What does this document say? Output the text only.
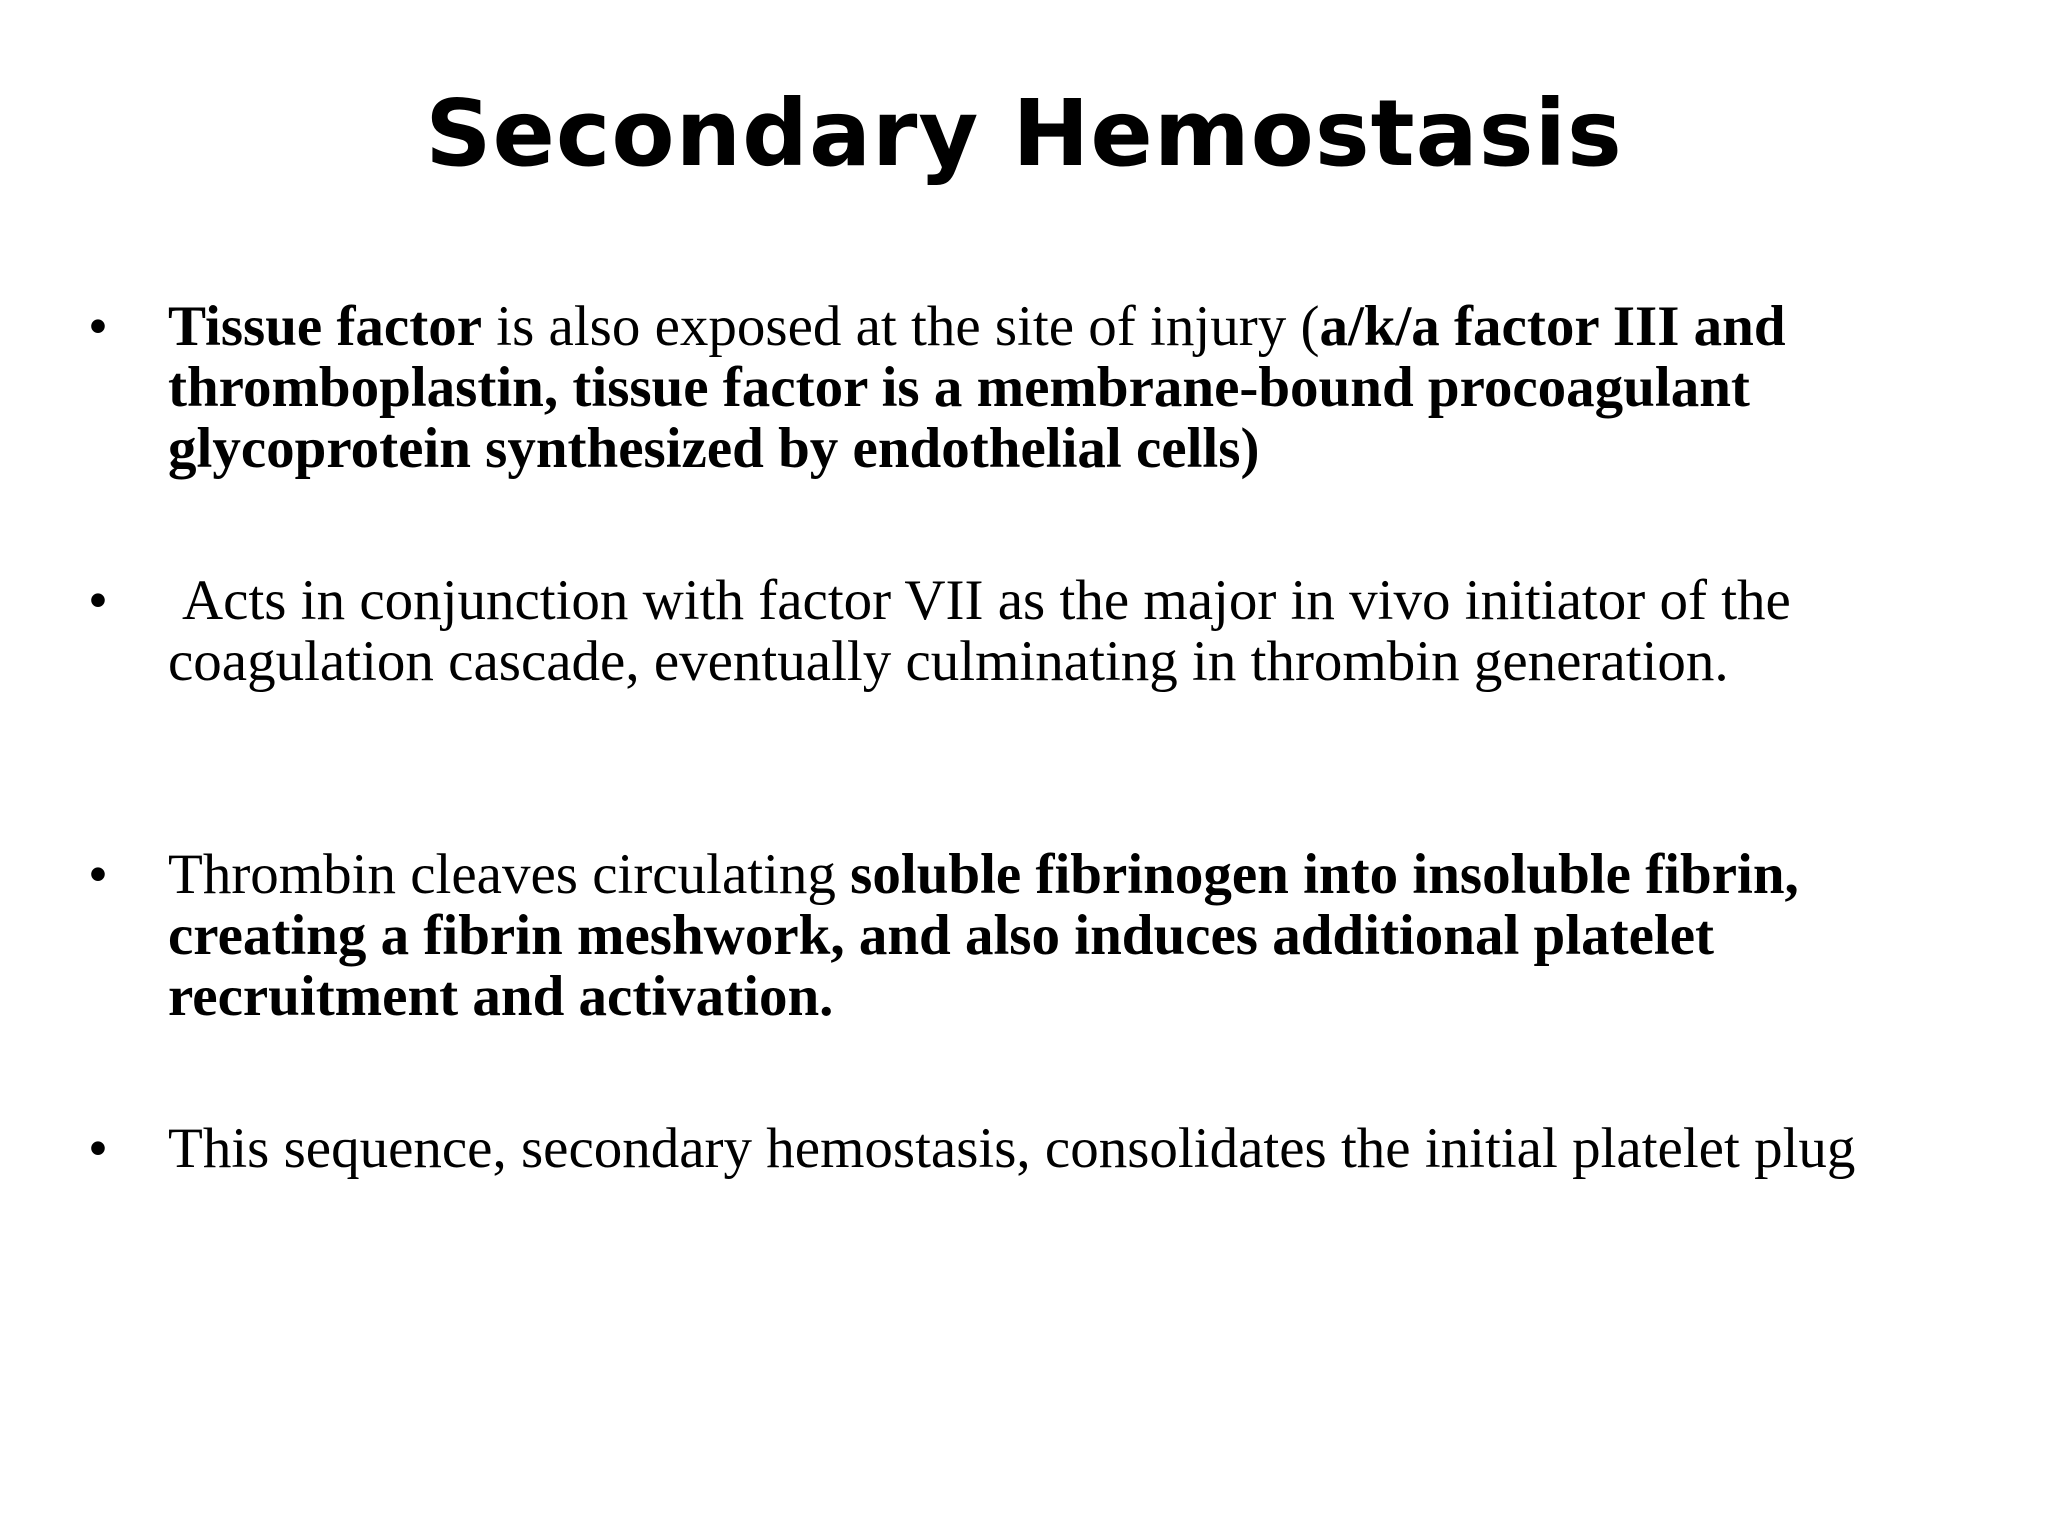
Secondary Hemostasis
•	Tissue factor is also exposed at the site of injury (a/k/a factor III and thromboplastin, tissue factor is a membrane-bound procoagulant glycoprotein synthesized by endothelial cells)
•	Acts in conjunction with factor VII as the major in vivo initiator of the coagulation cascade, eventually culminating in thrombin generation.
•	Thrombin cleaves circulating soluble fibrinogen into insoluble fibrin, creating a fibrin meshwork, and also induces additional platelet recruitment and activation.
•	This sequence, secondary hemostasis, consolidates the initial platelet plug
